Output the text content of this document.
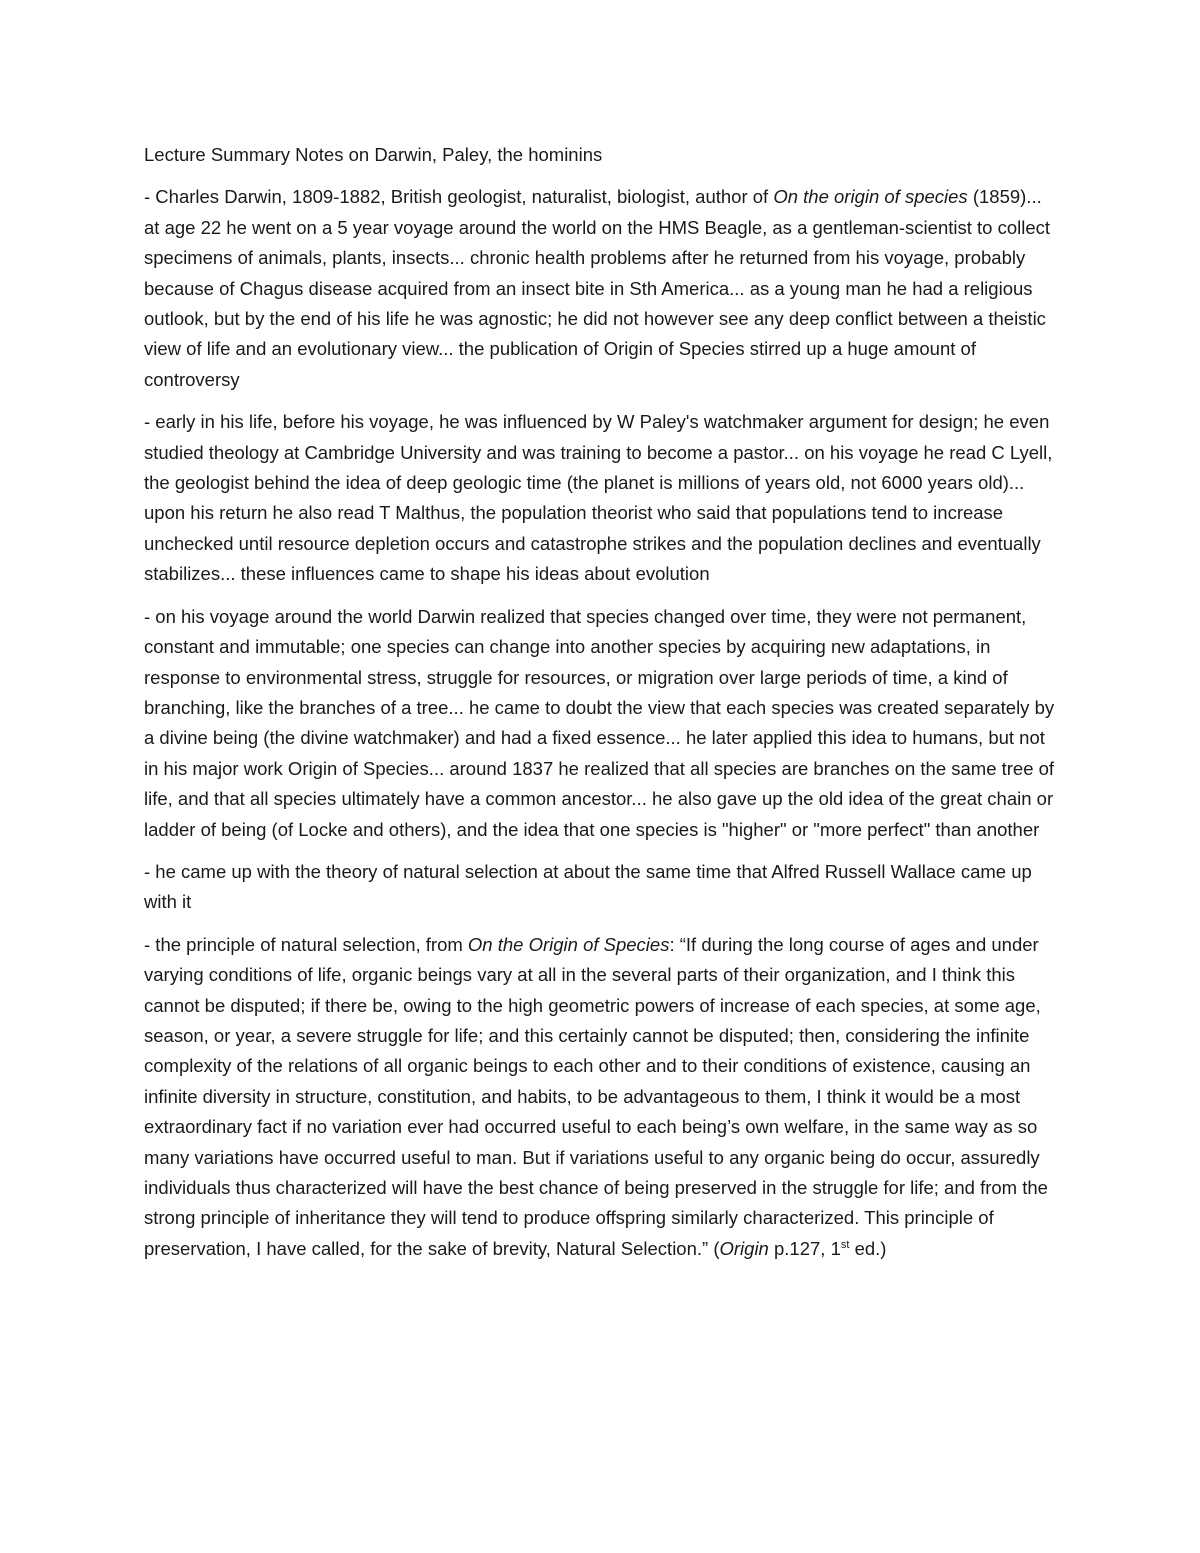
Lecture Summary Notes on Darwin, Paley, the hominins

- Charles Darwin, 1809-1882, British geologist, naturalist, biologist, author of On the origin of species (1859)... at age 22 he went on a 5 year voyage around the world on the HMS Beagle, as a gentleman-scientist to collect specimens of animals, plants, insects... chronic health problems after he returned from his voyage, probably because of Chagus disease acquired from an insect bite in Sth America... as a young man he had a religious outlook, but by the end of his life he was agnostic; he did not however see any deep conflict between a theistic view of life and an evolutionary view... the publication of Origin of Species stirred up a huge amount of controversy

- early in his life, before his voyage, he was influenced by W Paley's watchmaker argument for design; he even studied theology at Cambridge University and was training to become a pastor... on his voyage he read C Lyell, the geologist behind the idea of deep geologic time (the planet is millions of years old, not 6000 years old)... upon his return he also read T Malthus, the population theorist who said that populations tend to increase unchecked until resource depletion occurs and catastrophe strikes and the population declines and eventually stabilizes... these influences came to shape his ideas about evolution

- on his voyage around the world Darwin realized that species changed over time, they were not permanent, constant and immutable; one species can change into another species by acquiring new adaptations, in response to environmental stress, struggle for resources, or migration over large periods of time, a kind of branching, like the branches of a tree... he came to doubt the view that each species was created separately by a divine being (the divine watchmaker) and had a fixed essence... he later applied this idea to humans, but not in his major work Origin of Species... around 1837 he realized that all species are branches on the same tree of life, and that all species ultimately have a common ancestor... he also gave up the old idea of the great chain or ladder of being (of Locke and others), and the idea that one species is "higher" or "more perfect" than another

- he came up with the theory of natural selection at about the same time that Alfred Russell Wallace came up with it

- the principle of natural selection, from On the Origin of Species: “If during the long course of ages and under varying conditions of life, organic beings vary at all in the several parts of their organization, and I think this cannot be disputed; if there be, owing to the high geometric powers of increase of each species, at some age, season, or year, a severe struggle for life; and this certainly cannot be disputed; then, considering the infinite complexity of the relations of all organic beings to each other and to their conditions of existence, causing an infinite diversity in structure, constitution, and habits, to be advantageous to them, I think it would be a most extraordinary fact if no variation ever had occurred useful to each being’s own welfare, in the same way as so many variations have occurred useful to man. But if variations useful to any organic being do occur, assuredly individuals thus characterized will have the best chance of being preserved in the struggle for life; and from the strong principle of inheritance they will tend to produce offspring similarly characterized. This principle of preservation, I have called, for the sake of brevity, Natural Selection.” (Origin p.127, 1st ed.)
